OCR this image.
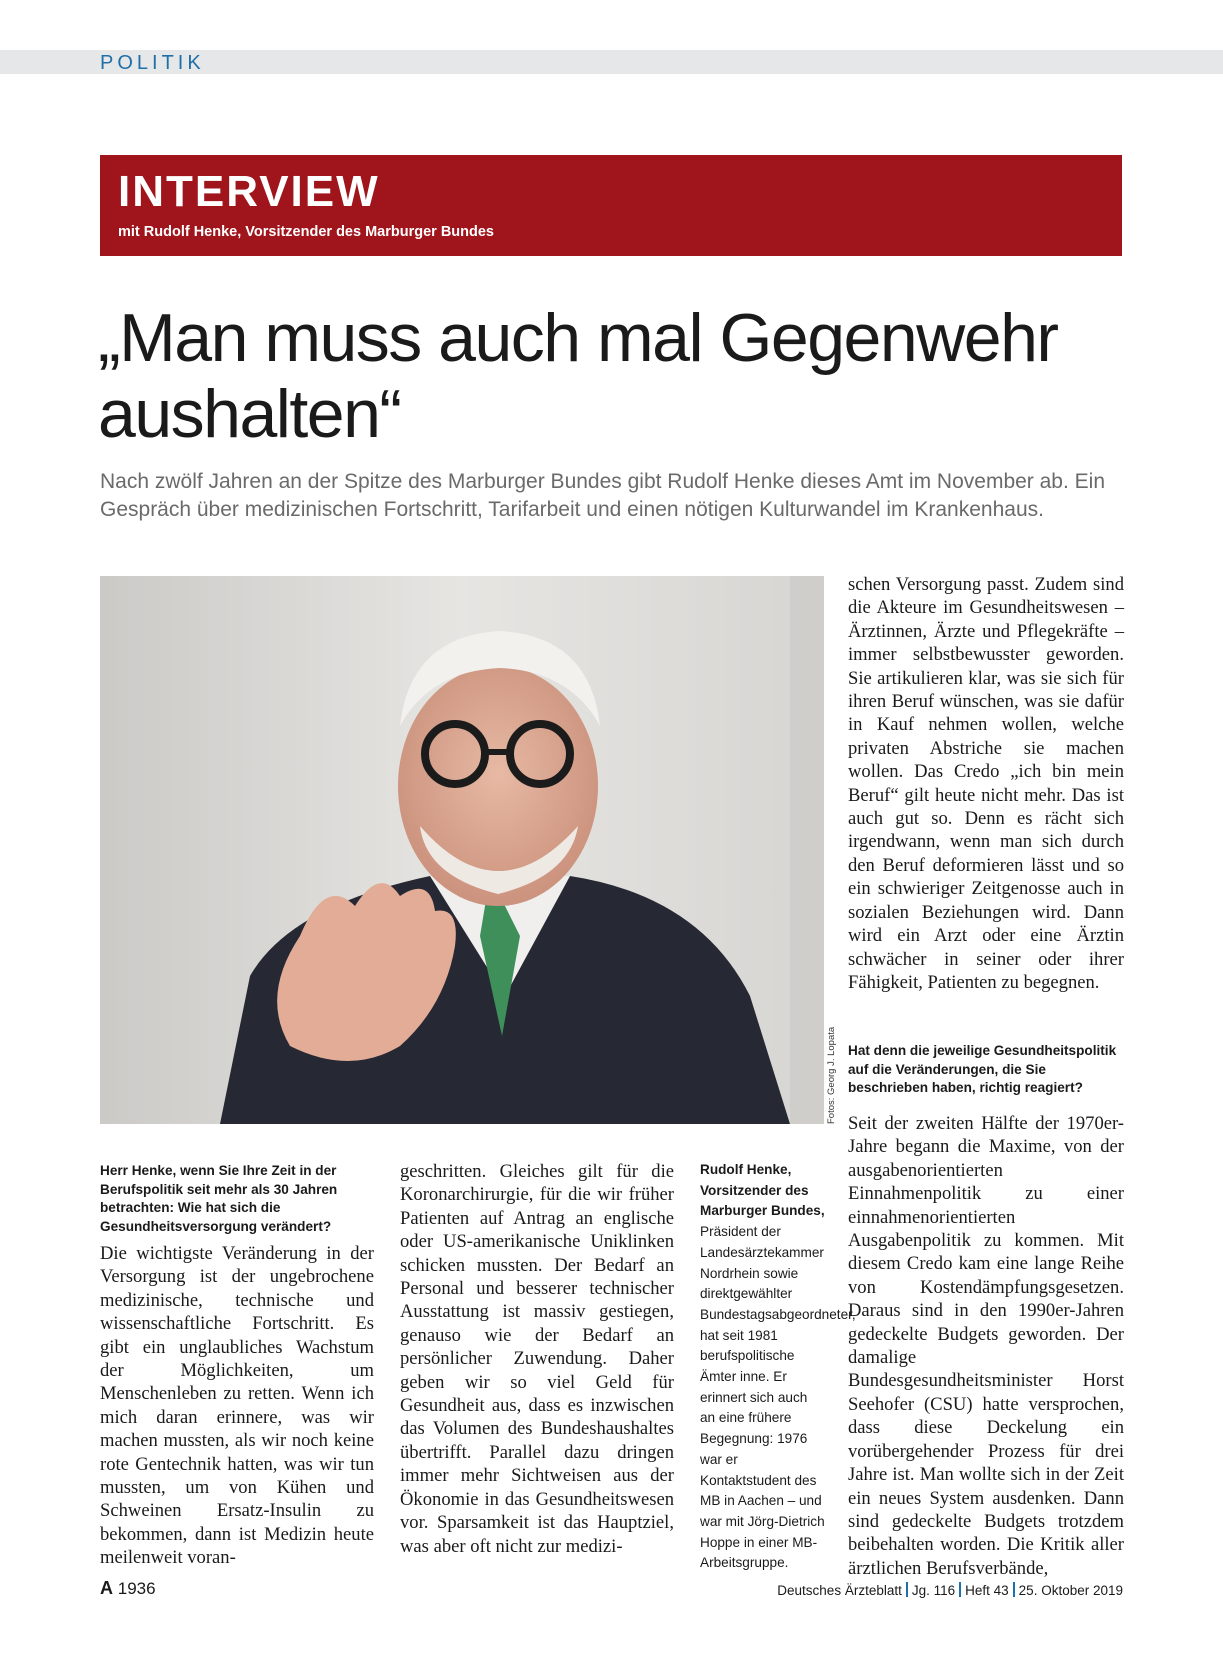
POLITIK
INTERVIEW
mit Rudolf Henke, Vorsitzender des Marburger Bundes
„Man muss auch mal Gegenwehr aushalten“
Nach zwölf Jahren an der Spitze des Marburger Bundes gibt Rudolf Henke dieses Amt im November ab. Ein Gespräch über medizinischen Fortschritt, Tarifarbeit und einen nötigen Kulturwandel im Krankenhaus.
Fotos: Georg J. Lopata
Herr Henke, wenn Sie Ihre Zeit in der Berufspolitik seit mehr als 30 Jahren betrachten: Wie hat sich die Gesundheitsversorgung verändert?
Die wichtigste Veränderung in der Versorgung ist der ungebrochene medizinische, technische und wissenschaftliche Fortschritt. Es gibt ein unglaubliches Wachstum der Möglichkeiten, um Menschenleben zu retten. Wenn ich mich daran erinnere, was wir machen mussten, als wir noch keine rote Gentechnik hatten, was wir tun mussten, um von Kühen und Schweinen Ersatz-Insulin zu bekommen, dann ist Medizin heute meilenweit voran-
geschritten. Gleiches gilt für die Koronarchirurgie, für die wir früher Patienten auf Antrag an englische oder US-amerikanische Uniklinken schicken mussten. Der Bedarf an Personal und besserer technischer Ausstattung ist massiv gestiegen, genauso wie der Bedarf an persönlicher Zuwendung. Daher geben wir so viel Geld für Gesundheit aus, dass es inzwischen das Volumen des Bundeshaushaltes übertrifft. Parallel dazu dringen immer mehr Sichtweisen aus der Ökonomie in das Gesundheitswesen vor. Sparsamkeit ist das Hauptziel, was aber oft nicht zur medizi-
Rudolf Henke, Vorsitzender des Marburger Bundes, Präsident der Landesärztekammer Nordrhein sowie direktgewählter Bundestagsabgeordneter, hat seit 1981 berufspolitische Ämter inne. Er erinnert sich auch an eine frühere Begegnung: 1976 war er Kontaktstudent des MB in Aachen – und war mit Jörg-Dietrich Hoppe in einer MB-Arbeitsgruppe.
schen Versorgung passt. Zudem sind die Akteure im Gesundheitswesen – Ärztinnen, Ärzte und Pflegekräfte – immer selbstbewusster geworden. Sie artikulieren klar, was sie sich für ihren Beruf wünschen, was sie dafür in Kauf nehmen wollen, welche privaten Abstriche sie machen wollen. Das Credo „ich bin mein Beruf“ gilt heute nicht mehr. Das ist auch gut so. Denn es rächt sich irgendwann, wenn man sich durch den Beruf deformieren lässt und so ein schwieriger Zeitgenosse auch in sozialen Beziehungen wird. Dann wird ein Arzt oder eine Ärztin schwächer in seiner oder ihrer Fähigkeit, Patienten zu begegnen.
Hat denn die jeweilige Gesundheitspolitik auf die Veränderungen, die Sie beschrieben haben, richtig reagiert?
Seit der zweiten Hälfte der 1970er-Jahre begann die Maxime, von der ausgabenorientierten Einnahmenpolitik zu einer einnahmenorientierten Ausgabenpolitik zu kommen. Mit diesem Credo kam eine lange Reihe von Kostendämpfungsgesetzen. Daraus sind in den 1990er-Jahren gedeckelte Budgets geworden. Der damalige Bundesgesundheitsminister Horst Seehofer (CSU) hatte versprochen, dass diese Deckelung ein vorübergehender Prozess für drei Jahre ist. Man wollte sich in der Zeit ein neues System ausdenken. Dann sind gedeckelte Budgets trotzdem beibehalten worden. Die Kritik aller ärztlichen Berufsverbände,
A 1936	Deutsches Ärzteblatt Jg. 116 Heft 43 25. Oktober 2019
